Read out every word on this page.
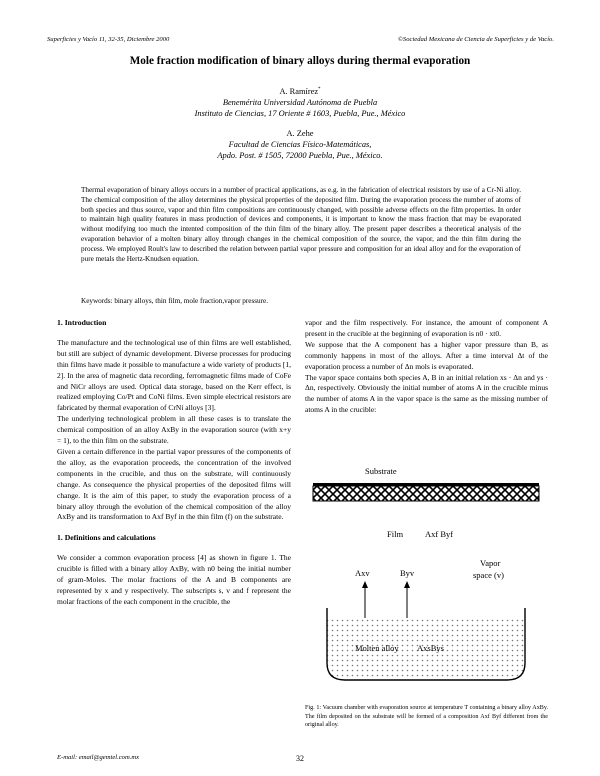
Superficies y Vacío 11, 32-35, Diciembre 2000	©Sociedad Mexicana de Ciencia de Superficies y de Vacío.
Mole fraction modification of binary alloys during thermal evaporation
A. Ramírez*
Benemérita Universidad Autónoma de Puebla
Instituto de Ciencias, 17 Oriente # 1603, Puebla, Pue., México
A. Zehe
Facultad de Ciencias Físico-Matemáticas,
Apdo. Post. # 1505, 72000 Puebla, Pue., México.
Thermal evaporation of binary alloys occurs in a number of practical applications, as e.g. in the fabrication of electrical resistors by use of a Cr-Ni alloy. The chemical composition of the alloy determines the physical properties of the deposited film. During the evaporation process the number of atoms of both species and thus source, vapor and thin film compositions are continuously changed, with possible adverse effects on the film properties. In order to maintain high quality features in mass production of devices and components, it is important to know the mass fraction that may be evaporated without modifying too much the intented composition of the thin film of the binary alloy. The present paper describes a theoretical analysis of the evaporation behavior of a molten binary alloy through changes in the chemical composition of the source, the vapor, and the thin film during the process. We employed Roult's law to described the relation between partial vapor pressure and composition for an ideal alloy and for the evaporation of pure metals the Hertz-Knudsen equation.
Keywords: binary alloys, thin film, mole fraction,vapor pressure.

1. Introduction

The manufacture and the technological use of thin films are well established, but still are subject of dynamic development. Diverse processes for producing thin films have made it possible to manufacture a wide variety of products [1, 2]. In the area of magnetic data recording, ferromagnetic films made of CoFe and NiCr alloys are used. Optical data storage, based on the Kerr effect, is realized employing Co/Pt and CoNi films. Even simple electrical resistors are fabricated by thermal evaporation of CrNi alloys [3].

The underlying technological problem in all these cases is to translate the chemical composition of an alloy AxBy in the evaporation source (with x+y = 1), to the thin film on the substrate.

Given a certain difference in the partial vapor pressures of the components of the alloy, as the evaporation proceeds, the concentration of the involved components in the crucible, and thus on the substrate, will continuously change. As consequence the physical properties of the deposited films will change. It is the aim of this paper, to study the evaporation process of a binary alloy through the evolution of the chemical composition of the alloy AxBy and its transformation to Axf Byf in the thin film (f) on the substrate.

1. Definitions and calculations

We consider a common evaporation process [4] as shown in figure 1. The crucible is filled with a binary alloy AxBy, with n0 being the initial number of gram-Moles. The molar fractions of the A and B components are represented by x and y respectively. The subscripts s, v and f represent the molar fractions of the each component in the crucible, the

vapor and the film respectively. For instance, the amount of component A present in the crucible at the beginning of evaporation is n0 · xt0.

We suppose that the A component has a higher vapor pressure than B, as commonly happens in most of the alloys. After a time interval Δt of the evaporation process a number of Δn mols is evaporated.

The vapor space contains both species A, B in an initial relation xs · Δn and ys · Δn, respectively. Obviously the initial number of atoms A in the crucible minus the number of atoms A in the vapor space is the same as the missing number of atoms A in the crucible:

Substrate
Film	Axf Byf
Vapor
space (v)
Axv	Byv
Molten alloy AxsBys
Fig. 1: Vacuum chamber with evaporation source at temperature T containing a binary alloy AxBy. The film deposited on the substrate will be formed of a composition Axf Byf different from the original alloy.
E-mail: email@gemtel.com.mx	32
